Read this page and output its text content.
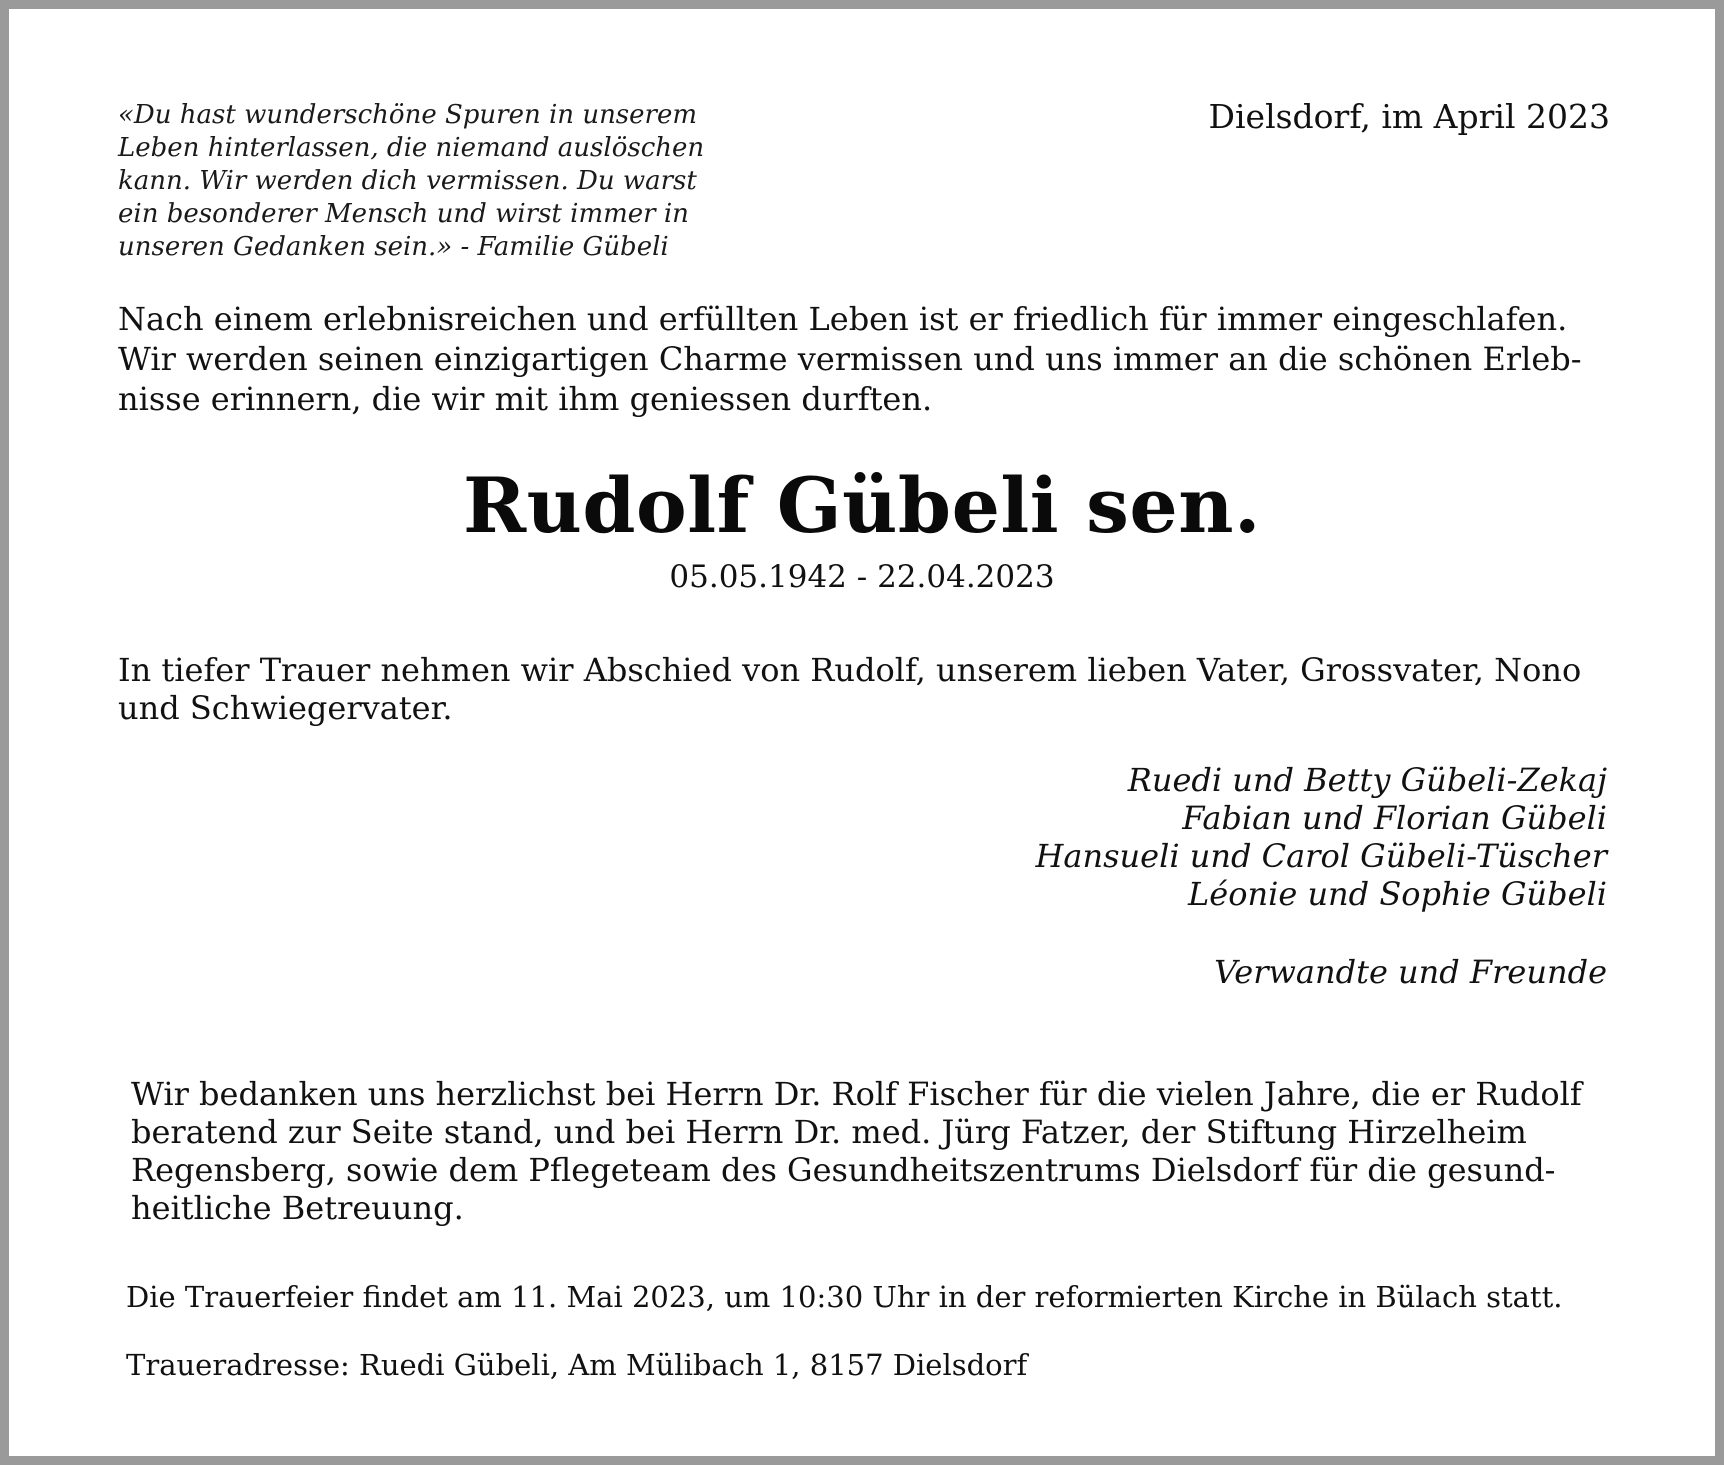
«Du hast wunderschöne Spuren in unserem
Leben hinterlassen, die niemand auslöschen
kann. Wir werden dich vermissen. Du warst
ein besonderer Mensch und wirst immer in
unseren Gedanken sein.» - Familie Gübeli

Dielsdorf, im April 2023

Nach einem erlebnisreichen und erfüllten Leben ist er friedlich für immer eingeschlafen.
Wir werden seinen einzigartigen Charme vermissen und uns immer an die schönen Erleb-
nisse erinnern, die wir mit ihm geniessen durften.

Rudolf Gübeli sen.

05.05.1942 - 22.04.2023

In tiefer Trauer nehmen wir Abschied von Rudolf, unserem lieben Vater, Grossvater, Nono
und Schwiegervater.

Ruedi und Betty Gübeli-Zekaj
Fabian und Florian Gübeli
Hansueli und Carol Gübeli-Tüscher
Léonie und Sophie Gübeli

Verwandte und Freunde

Wir bedanken uns herzlichst bei Herrn Dr. Rolf Fischer für die vielen Jahre, die er Rudolf
beratend zur Seite stand, und bei Herrn Dr. med. Jürg Fatzer, der Stiftung Hirzelheim
Regensberg, sowie dem Pflegeteam des Gesundheitszentrums Dielsdorf für die gesund-
heitliche Betreuung.

Die Trauerfeier findet am 11. Mai 2023, um 10:30 Uhr in der reformierten Kirche in Bülach statt.

Traueradresse: Ruedi Gübeli, Am Mülibach 1, 8157 Dielsdorf
